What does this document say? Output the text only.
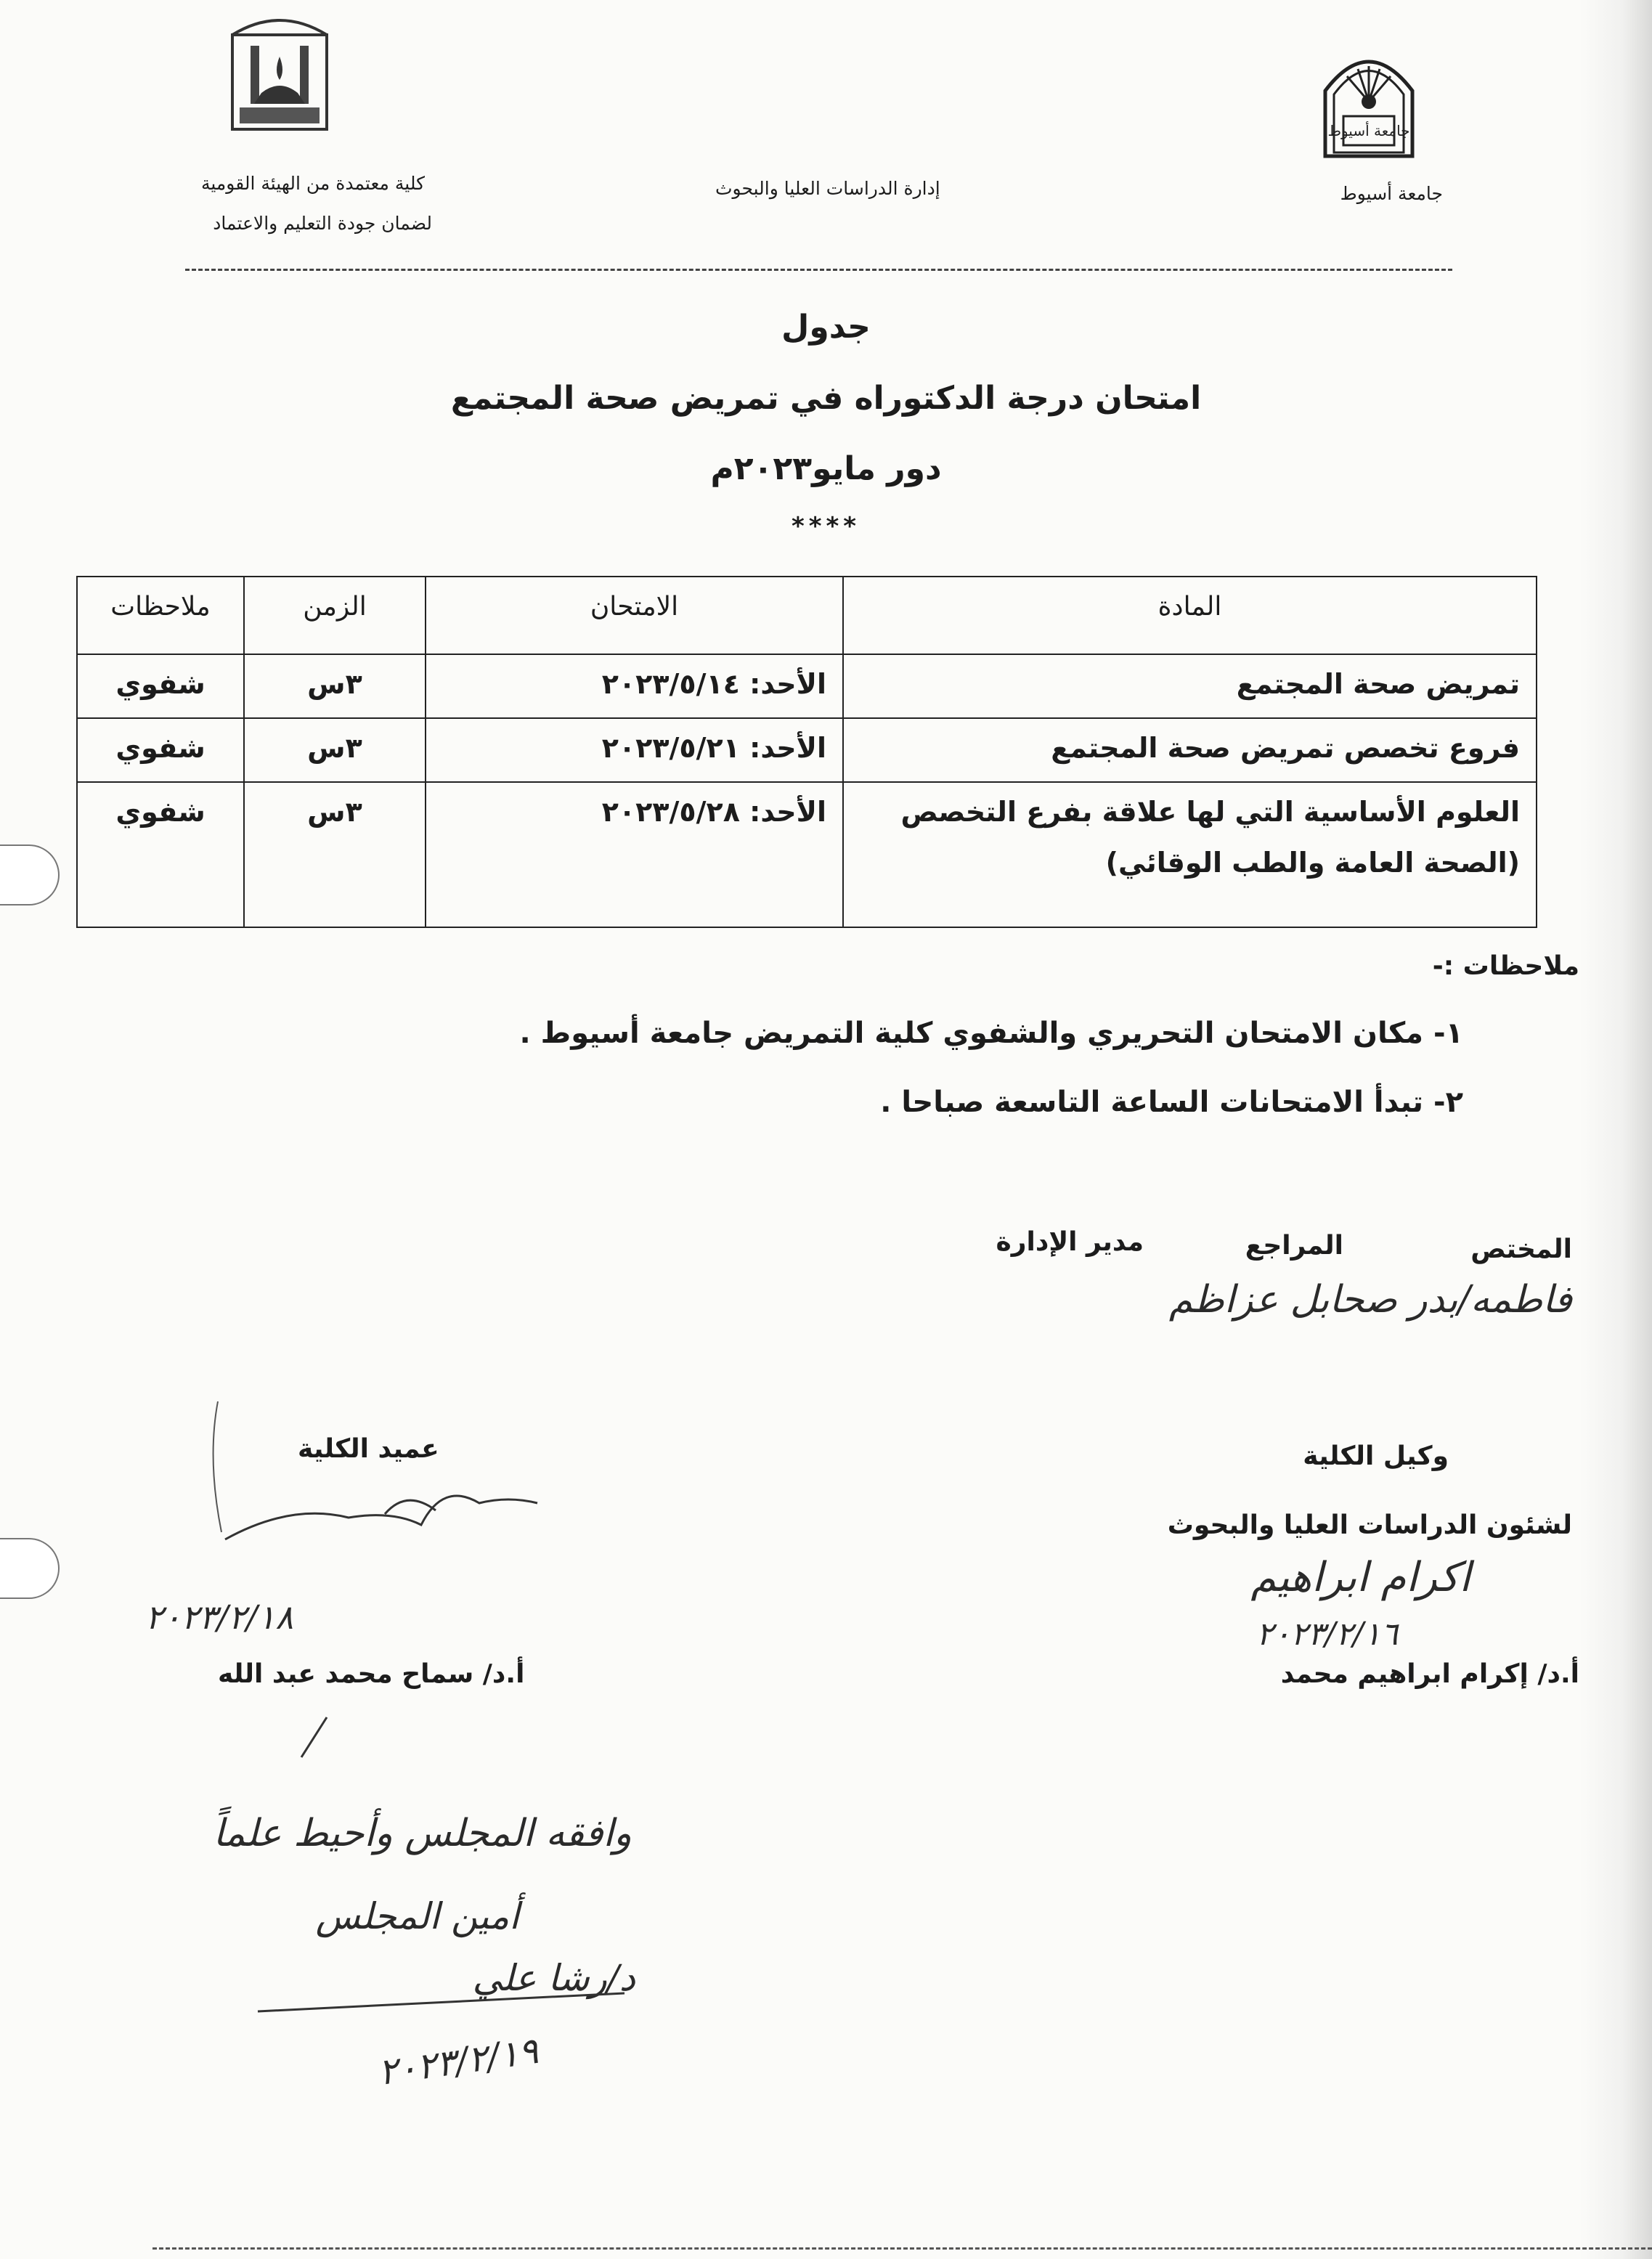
جامعة أسيوط
جامعة أسيوط
إدارة الدراسات العليا والبحوث
كلية معتمدة من الهيئة القومية
لضمان جودة التعليم والاعتماد
جدول
امتحان درجة الدكتوراه في تمريض صحة المجتمع
دور مايو٢٠٢٣م
****
المادة	الامتحان	الزمن	ملاحظات
تمريض صحة المجتمع	الأحد: ٢٠٢٣/٥/١٤	٣س	شفوي
فروع تخصص تمريض صحة المجتمع	الأحد: ٢٠٢٣/٥/٢١	٣س	شفوي

العلوم الأساسية التي لها علاقة بفرع التخصص
(الصحة العامة والطب الوقائي)	الأحد: ٢٠٢٣/٥/٢٨	٣س	شفوي
ملاحظات :-
١- مكان الامتحان التحريري والشفوي كلية التمريض جامعة أسيوط .
٢- تبدأ الامتحانات الساعة التاسعة صباحا .
المختص
المراجع
مدير الإدارة
فاطمه/بدر صحابل عزاظم
وكيل الكلية
لشئون الدراسات العليا والبحوث
اكرام ابراهيم
٢٠٢٣/٢/١٦
أ.د/ إكرام ابراهيم محمد
عميد الكلية
٢٠٢٣/٢/١٨
أ.د/ سماح محمد عبد الله
وافقه المجلس وأحيط علماً
أمين المجلس
د/رشا علي
٢٠٢٣/٢/١٩
